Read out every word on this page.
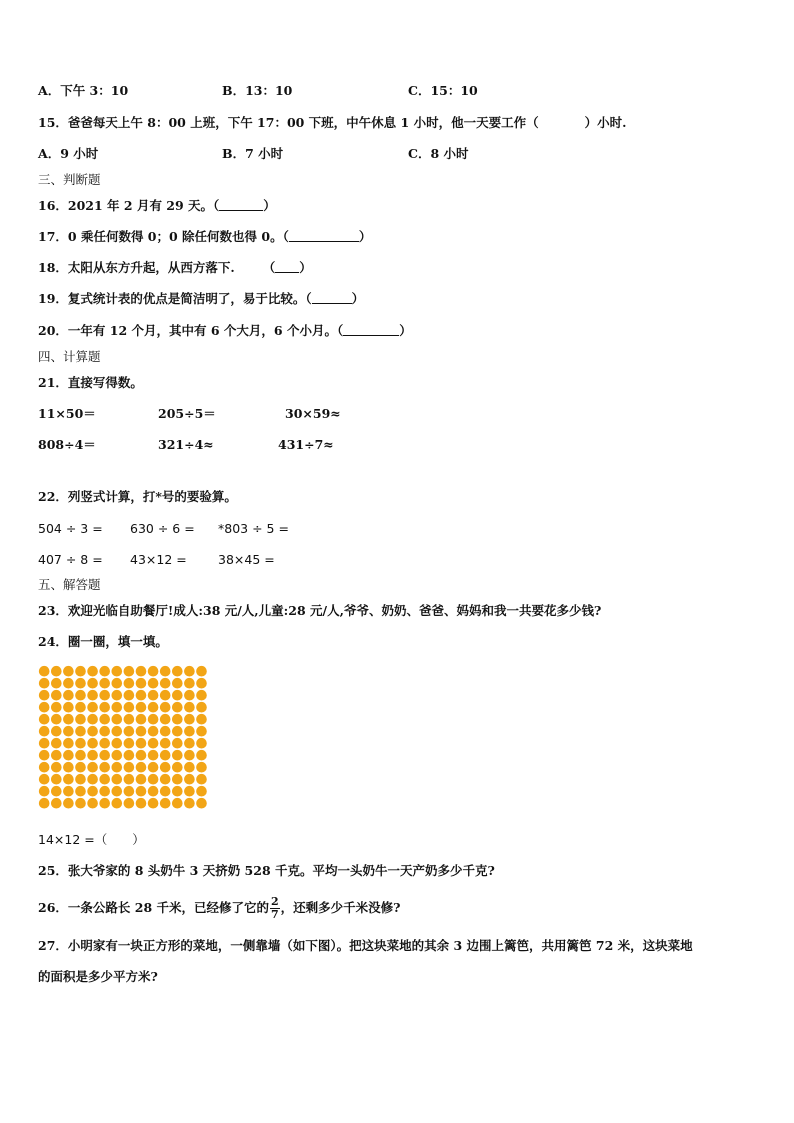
A．下午 3：10	B．13：10	C．15：10
15．爸爸每天上午 8：00 上班，下午 17：00 下班，中午休息 1 小时，他一天要工作（	）小时.
A．9 小时	B．7 小时	C．8 小时
三、判断题
16．2021 年 2 月有 29 天。（	）
17．0 乘任何数得 0；0 除任何数也得 0。（	）
18．太阳从东方升起，从西方落下. （ ）
19．复式统计表的优点是简洁明了，易于比较。（	）
20．一年有 12 个月，其中有 6 个大月，6 个小月。（	）
四、计算题
21．直接写得数。
11×50＝	205÷5＝	30×59≈
808÷4＝	321÷4≈	431÷7≈
22．列竖式计算，打*号的要验算。
504 ÷ 3 = 630 ÷ 6 = *803 ÷ 5 =
407 ÷ 8 = 43×12 =	38×45 =
五、解答题
23．欢迎光临自助餐厅!成人:38 元/人,儿童:28 元/人,爷爷、奶奶、爸爸、妈妈和我一共要花多少钱?
24．圈一圈，填一填。
14×12 =（　　）
25．张大爷家的 8 头奶牛 3 天挤奶 528 千克。平均一头奶牛一天产奶多少千克?
26．一条公路长 28 千米，已经修了它的 $\frac{2}{7}$ ，还剩多少千米没修?
27．小明家有一块正方形的菜地，一侧靠墙（如下图）。把这块菜地的其余 3 边围上篱笆，共用篱笆 72 米，这块菜地
的面积是多少平方米?
